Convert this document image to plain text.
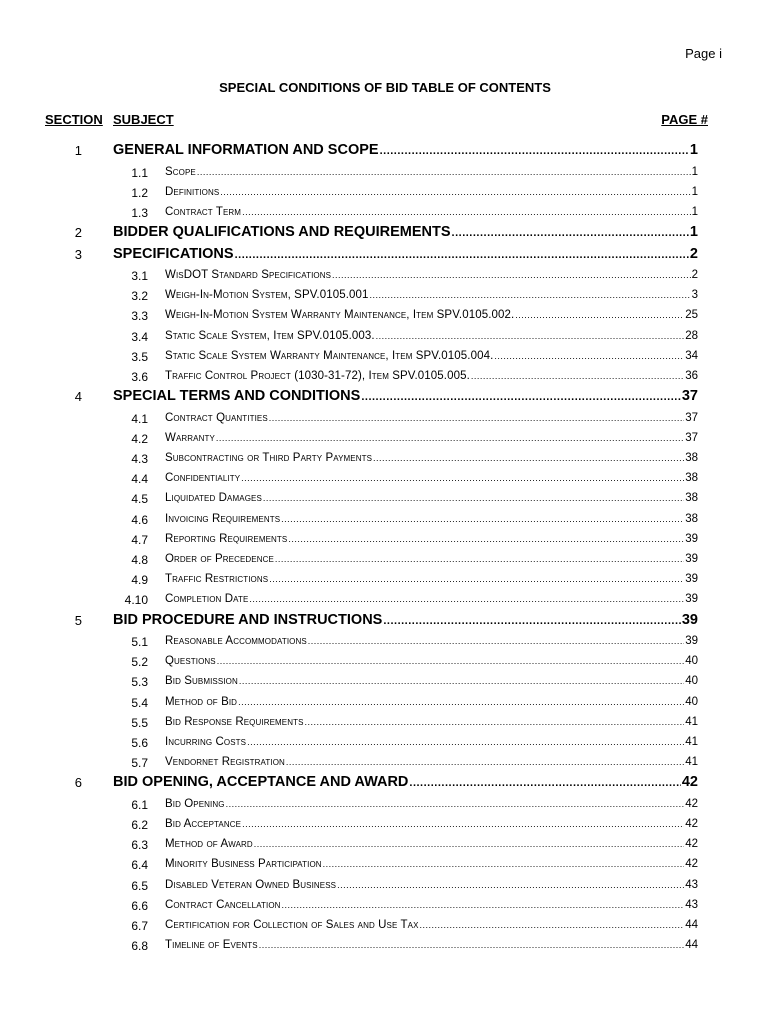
Page i
SPECIAL CONDITIONS OF BID TABLE OF CONTENTS
SECTION SUBJECT	PAGE #
1 GENERAL INFORMATION AND SCOPE .....	1
1.1 Scope .....	1
1.2 Definitions .....	1
1.3 Contract Term .....	1
2 BIDDER QUALIFICATIONS AND REQUIREMENTS .....	1
3 SPECIFICATIONS .....	2
3.1 WisDOT Standard Specifications .....	2
3.2 Weigh-In-Motion System, SPV.0105.001 .....	3
3.3 Weigh-In-Motion System Warranty Maintenance, Item SPV.0105.002. .....	25
3.4 Static Scale System, Item SPV.0105.003. .....	28
3.5 Static Scale System Warranty Maintenance, Item SPV.0105.004. .....	34
3.6 Traffic Control Project (1030-31-72), Item SPV.0105.005. .....	36
4 SPECIAL TERMS AND CONDITIONS .....	37
4.1 Contract Quantities .....	37
4.2 Warranty .....	37
4.3 Subcontracting or Third Party Payments .....	38
4.4 Confidentiality .....	38
4.5 Liquidated Damages .....	38
4.6 Invoicing Requirements .....	38
4.7 Reporting Requirements .....	39
4.8 Order of Precedence .....	39
4.9 Traffic Restrictions .....	39
4.10 Completion Date .....	39
5 BID PROCEDURE AND INSTRUCTIONS .....	39
5.1 Reasonable Accommodations .....	39
5.2 Questions .....	40
5.3 Bid Submission .....	40
5.4 Method of Bid .....	40
5.5 Bid Response Requirements .....	41
5.6 Incurring Costs .....	41
5.7 Vendornet Registration .....	41
6 BID OPENING, ACCEPTANCE AND AWARD .....	42
6.1 Bid Opening .....	42
6.2 Bid Acceptance .....	42
6.3 Method of Award .....	42
6.4 Minority Business Participation .....	42
6.5 Disabled Veteran Owned Business .....	43
6.6 Contract Cancellation .....	43
6.7 Certification for Collection of Sales and Use Tax .....	44
6.8 Timeline of Events .....	44
